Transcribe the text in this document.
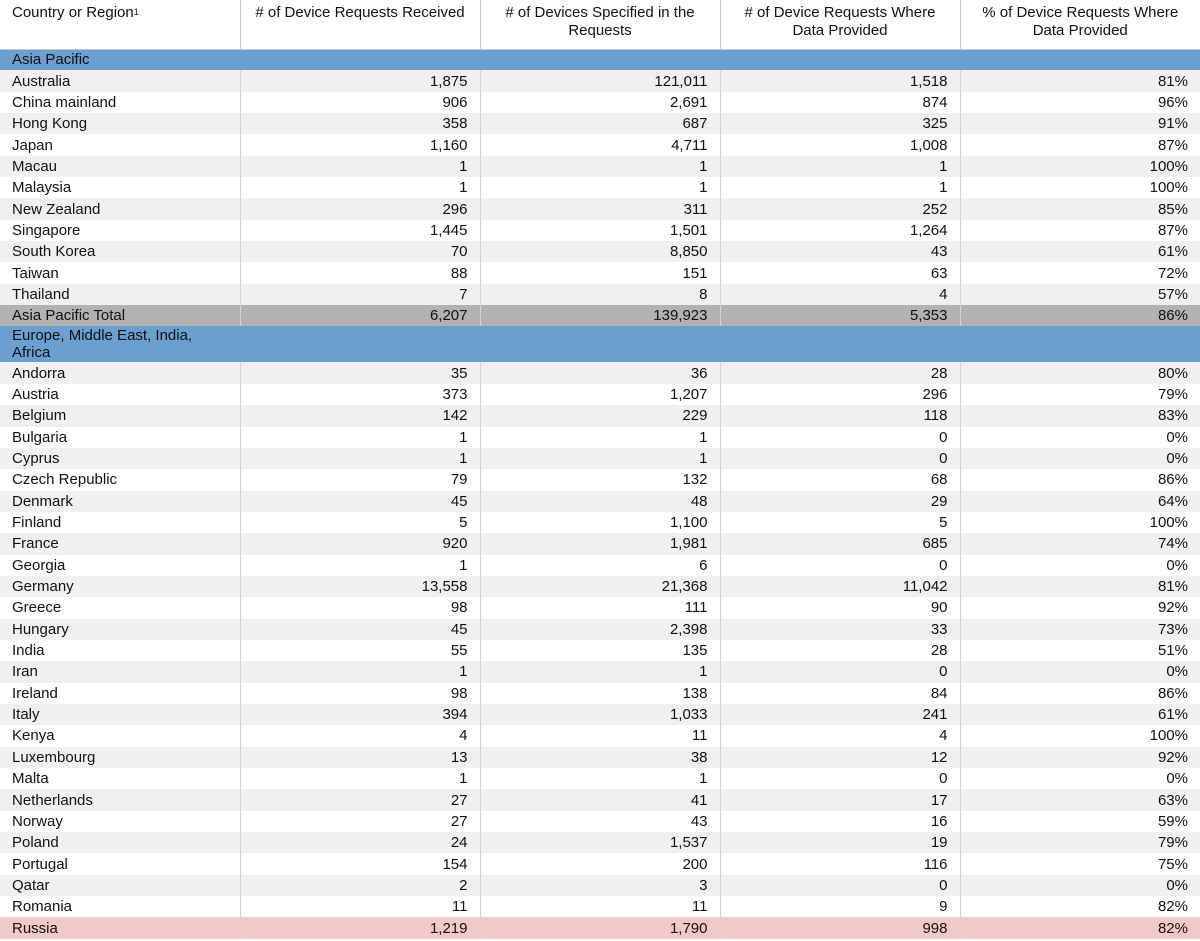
Country or Region$^1$	# of Device Requests Received	# of Devices Specified in the Requests	# of Device Requests Where Data Provided	% of Device Requests Where Data Provided
Asia Pacific				
Australia	1,875	121,011	1,518	81%
China mainland	906	2,691	874	96%
Hong Kong	358	687	325	91%
Japan	1,160	4,711	1,008	87%
Macau	1	1	1	100%
Malaysia	1	1	1	100%
New Zealand	296	311	252	85%
Singapore	1,445	1,501	1,264	87%
South Korea	70	8,850	43	61%
Taiwan	88	151	63	72%
Thailand	7	8	4	57%
Asia Pacific Total	6,207	139,923	5,353	86%
Europe, Middle East, India, Africa				
Andorra	35	36	28	80%
Austria	373	1,207	296	79%
Belgium	142	229	118	83%
Bulgaria	1	1	0	0%
Cyprus	1	1	0	0%
Czech Republic	79	132	68	86%
Denmark	45	48	29	64%
Finland	5	1,100	5	100%
France	920	1,981	685	74%
Georgia	1	6	0	0%
Germany	13,558	21,368	11,042	81%
Greece	98	111	90	92%
Hungary	45	2,398	33	73%
India	55	135	28	51%
Iran	1	1	0	0%
Ireland	98	138	84	86%
Italy	394	1,033	241	61%
Kenya	4	11	4	100%
Luxembourg	13	38	12	92%
Malta	1	1	0	0%
Netherlands	27	41	17	63%
Norway	27	43	16	59%
Poland	24	1,537	19	79%
Portugal	154	200	116	75%
Qatar	2	3	0	0%
Romania	11	11	9	82%
Russia	1,219	1,790	998	82%
